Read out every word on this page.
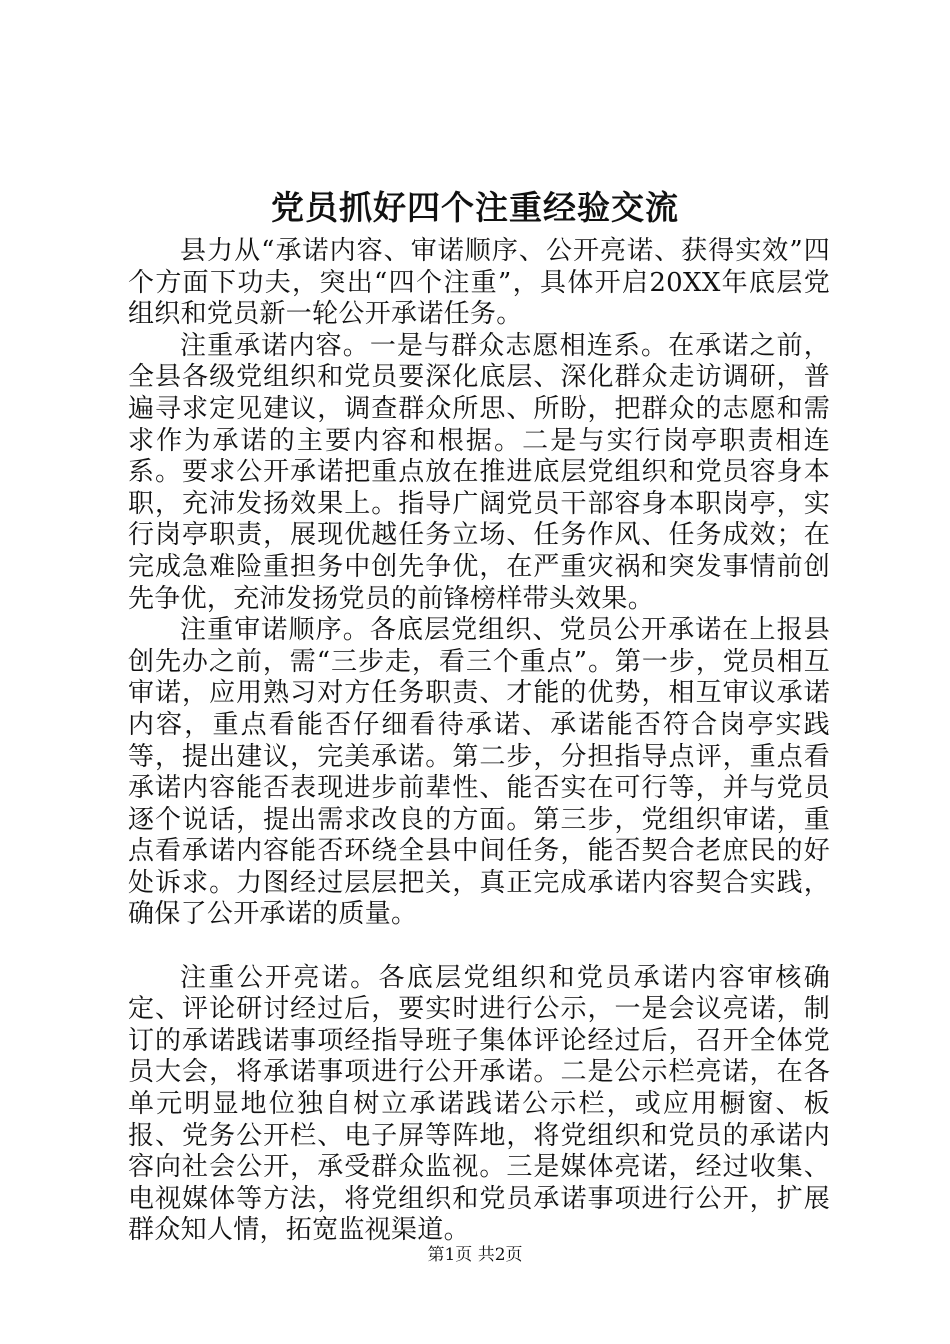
党员抓好四个注重经验交流

县力从“承诺内容、审诺顺序、公开亮诺、获得实效”四个方面下功夫，突出“四个注重”，具体开启20XX年底层党组织和党员新一轮公开承诺任务。

注重承诺内容。一是与群众志愿相连系。在承诺之前，全县各级党组织和党员要深化底层、深化群众走访调研，普遍寻求定见建议，调查群众所思、所盼，把群众的志愿和需求作为承诺的主要内容和根据。二是与实行岗亭职责相连系。要求公开承诺把重点放在推进底层党组织和党员容身本职，充沛发扬效果上。指导广阔党员干部容身本职岗亭，实行岗亭职责，展现优越任务立场、任务作风、任务成效；在完成急难险重担务中创先争优，在严重灾祸和突发事情前创先争优，充沛发扬党员的前锋榜样带头效果。

注重审诺顺序。各底层党组织、党员公开承诺在上报县创先办之前，需“三步走，看三个重点”。第一步，党员相互审诺，应用熟习对方任务职责、才能的优势，相互审议承诺内容，重点看能否仔细看待承诺、承诺能否符合岗亭实践等，提出建议，完美承诺。第二步，分担指导点评，重点看承诺内容能否表现进步前辈性、能否实在可行等，并与党员逐个说话，提出需求改良的方面。第三步，党组织审诺，重点看承诺内容能否环绕全县中间任务，能否契合老庶民的好处诉求。力图经过层层把关，真正完成承诺内容契合实践，确保了公开承诺的质量。

注重公开亮诺。各底层党组织和党员承诺内容审核确定、评论研讨经过后，要实时进行公示，一是会议亮诺，制订的承诺践诺事项经指导班子集体评论经过后，召开全体党员大会，将承诺事项进行公开承诺。二是公示栏亮诺，在各单元明显地位独自树立承诺践诺公示栏，或应用橱窗、板报、党务公开栏、电子屏等阵地，将党组织和党员的承诺内容向社会公开，承受群众监视。三是媒体亮诺，经过收集、电视媒体等方法，将党组织和党员承诺事项进行公开，扩展群众知人情，拓宽监视渠道。

第1页 共2页
